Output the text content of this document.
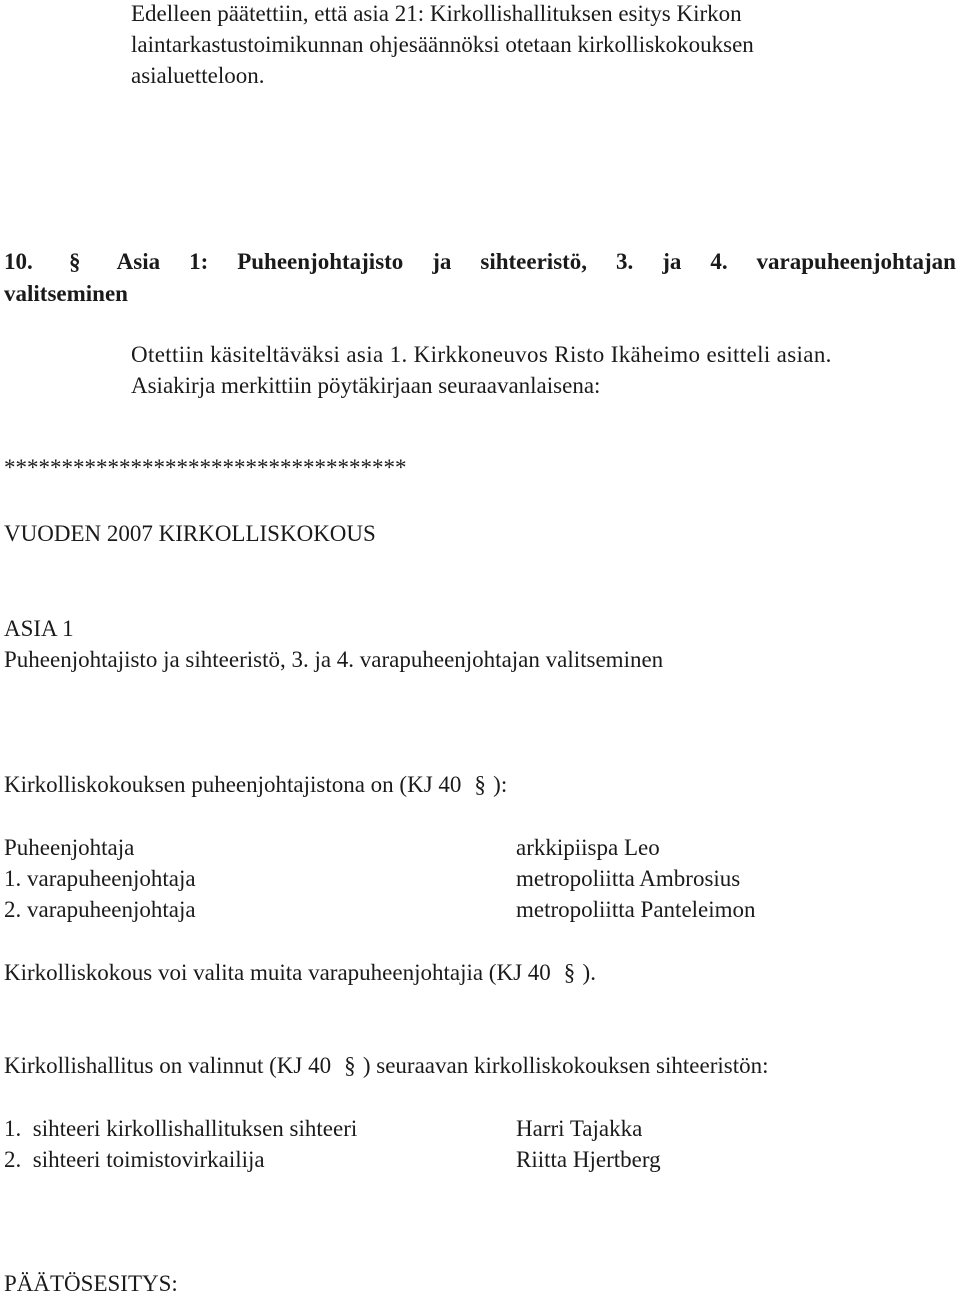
Edelleen päätettiin, että asia 21: Kirkollishallituksen esitys Kirkon
laintarkastustoimikunnan ohjesäännöksi otetaan kirkolliskokouksen
asialuetteloon.
10.	§	Asia 1: Puheenjohtajisto ja sihteeristö, 3. ja 4. varapuheenjohtajan
valitseminen
Otettiin käsiteltäväksi asia 1. Kirkkoneuvos Risto Ikäheimo esitteli asian.
Asiakirja merkittiin pöytäkirjaan seuraavanlaisena:
***********************************
VUODEN 2007 KIRKOLLISKOKOUS
ASIA 1
Puheenjohtajisto ja sihteeristö, 3. ja 4. varapuheenjohtajan valitseminen
Kirkolliskokouksen puheenjohtajistona on (KJ 40 § ):
Puheenjohtaja	arkkipiispa Leo
1. varapuheenjohtaja	metropoliitta Ambrosius
2. varapuheenjohtaja	metropoliitta Panteleimon
Kirkolliskokous voi valita muita varapuheenjohtajia (KJ 40 § ).
Kirkollishallitus on valinnut (KJ 40 § ) seuraavan kirkolliskokouksen sihteeristön:
1.  sihteeri kirkollishallituksen sihteeri	Harri Tajakka
2.  sihteeri toimistovirkailija	Riitta Hjertberg
PÄÄTÖSESITYS:
